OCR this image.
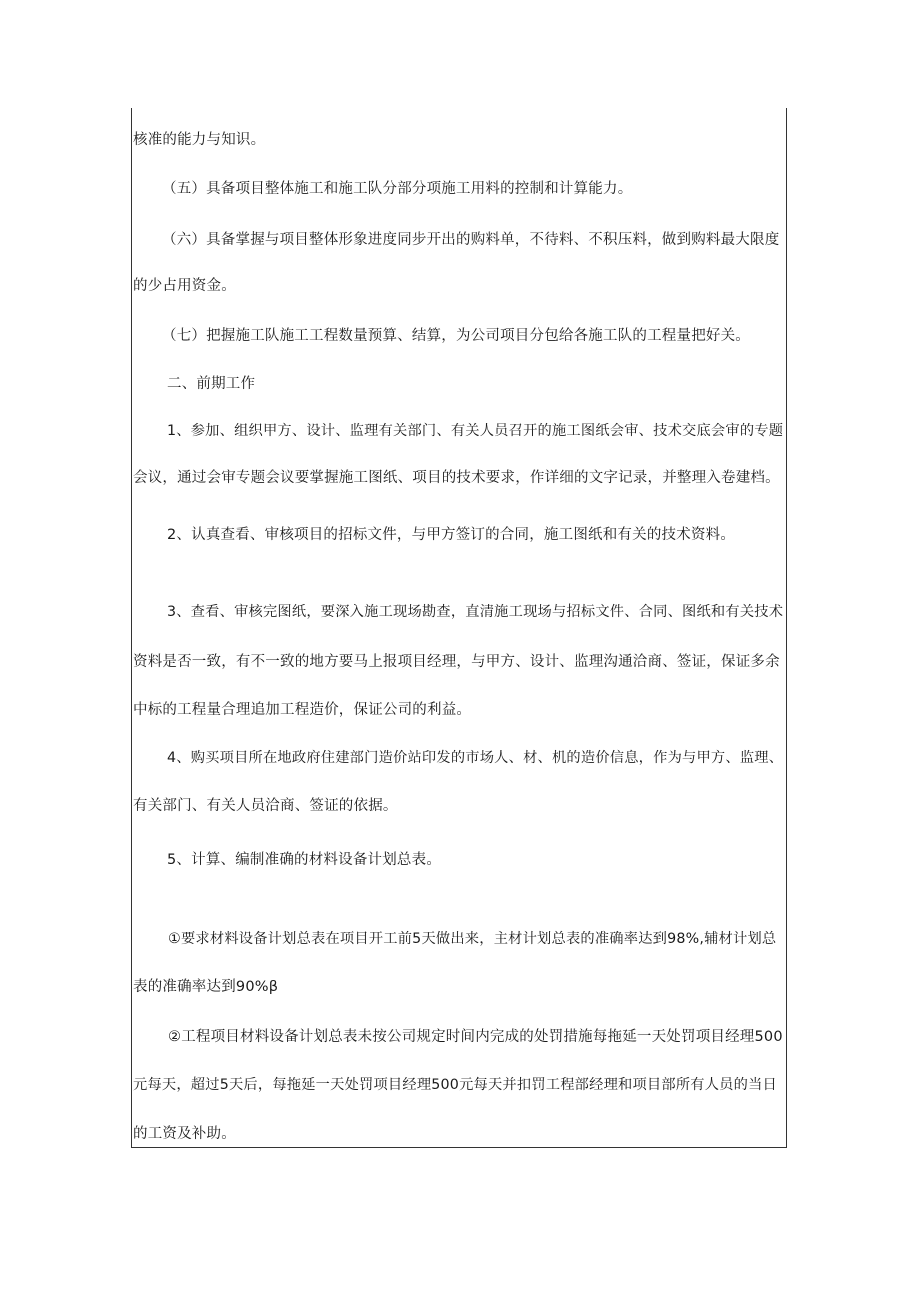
核准的能力与知识。
（五）具备项目整体施工和施工队分部分项施工用料的控制和计算能力。
（六）具备掌握与项目整体形象进度同步开出的购料单，不待料、不积压料，做到购料最大限度
的少占用资金。
（七）把握施工队施工工程数量预算、结算，为公司项目分包给各施工队的工程量把好关。
二、前期工作
1、参加、组织甲方、设计、监理有关部门、有关人员召开的施工图纸会审、技术交底会审的专题
会议，通过会审专题会议要掌握施工图纸、项目的技术要求，作详细的文字记录，并整理入卷建档。
2、认真查看、审核项目的招标文件，与甲方签订的合同，施工图纸和有关的技术资料。
3、查看、审核完图纸，要深入施工现场勘查，直清施工现场与招标文件、合同、图纸和有关技术
资料是否一致，有不一致的地方要马上报项目经理，与甲方、设计、监理沟通洽商、签证，保证多余
中标的工程量合理追加工程造价，保证公司的利益。
4、购买项目所在地政府住建部门造价站印发的市场人、材、机的造价信息，作为与甲方、监理、
有关部门、有关人员洽商、签证的依据。
5、计算、编制准确的材料设备计划总表。
①要求材料设备计划总表在项目开工前5天做出来，主材计划总表的准确率达到98%,辅材计划总
表的准确率达到90%β
②工程项目材料设备计划总表未按公司规定时间内完成的处罚措施每拖延一天处罚项目经理500
元每天，超过5天后，每拖延一天处罚项目经理500元每天并扣罚工程部经理和项目部所有人员的当日
的工资及补助。
